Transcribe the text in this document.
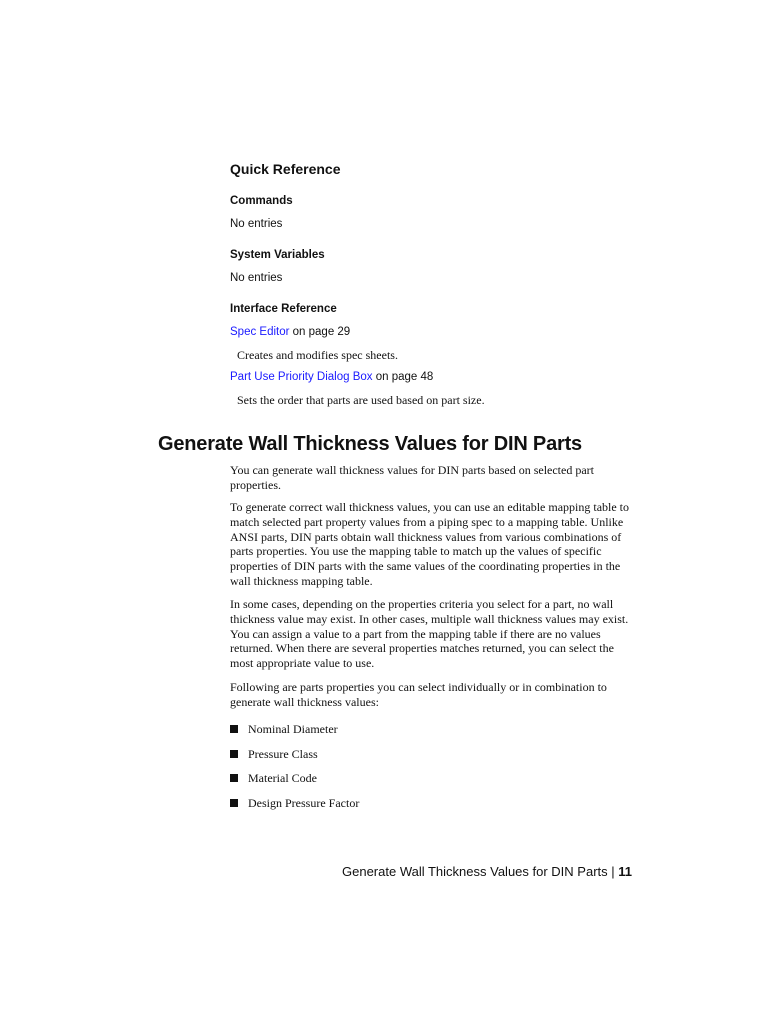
Quick Reference
Commands
No entries
System Variables
No entries
Interface Reference
Spec Editor on page 29
Creates and modifies spec sheets.
Part Use Priority Dialog Box on page 48
Sets the order that parts are used based on part size.
Generate Wall Thickness Values for DIN Parts

You can generate wall thickness values for DIN parts based on selected part properties.

To generate correct wall thickness values, you can use an editable mapping table to match selected part property values from a piping spec to a mapping table. Unlike ANSI parts, DIN parts obtain wall thickness values from various combinations of parts properties. You use the mapping table to match up the values of specific properties of DIN parts with the same values of the coordinating properties in the wall thickness mapping table.

In some cases, depending on the properties criteria you select for a part, no wall thickness value may exist. In other cases, multiple wall thickness values may exist. You can assign a value to a part from the mapping table if there are no values returned. When there are several properties matches returned, you can select the most appropriate value to use.

Following are parts properties you can select individually or in combination to generate wall thickness values:

Nominal Diameter
Pressure Class
Material Code
Design Pressure Factor
Generate Wall Thickness Values for DIN Parts | 11
